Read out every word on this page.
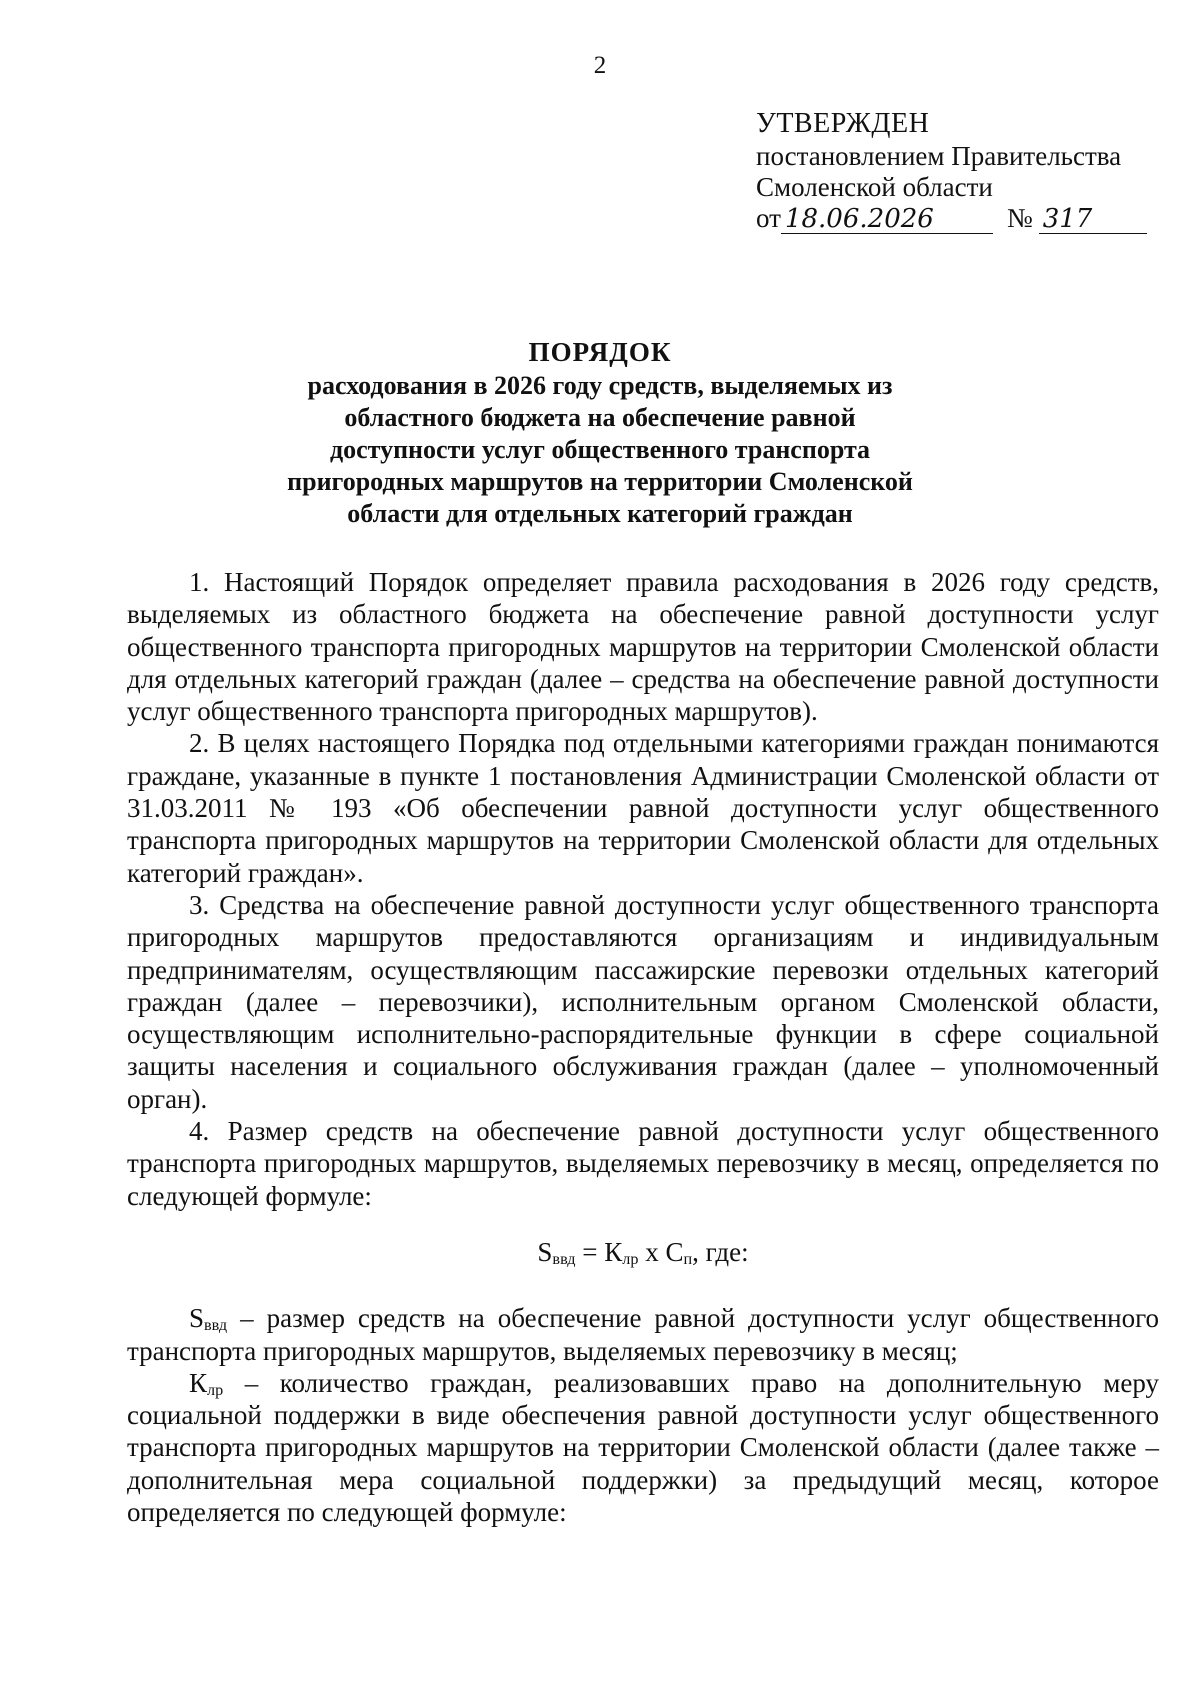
2
УТВЕРЖДЕН
постановлением Правительства
Смоленской области
от 18.06.2026	№ 317
ПОРЯДОК
расходования в 2026 году средств, выделяемых из
областного бюджета на обеспечение равной
доступности услуг общественного транспорта
пригородных маршрутов на территории Смоленской
области для отдельных категорий граждан

1. Настоящий Порядок определяет правила расходования в 2026 году средств, выделяемых из областного бюджета на обеспечение равной доступности услуг общественного транспорта пригородных маршрутов на территории Смоленской области для отдельных категорий граждан (далее – средства на обеспечение равной доступности услуг общественного транспорта пригородных маршрутов).

2. В целях настоящего Порядка под отдельными категориями граждан понимаются граждане, указанные в пункте 1 постановления Администрации Смоленской области от 31.03.2011 № 193 «Об обеспечении равной доступности услуг общественного транспорта пригородных маршрутов на территории Смоленской области для отдельных категорий граждан».

3. Средства на обеспечение равной доступности услуг общественного транспорта пригородных маршрутов предоставляются организациям и индивидуальным предпринимателям, осуществляющим пассажирские перевозки отдельных категорий граждан (далее – перевозчики), исполнительным органом Смоленской области, осуществляющим исполнительно-распорядительные функции в сфере социальной защиты населения и социального обслуживания граждан (далее – уполномоченный орган).

4. Размер средств на обеспечение равной доступности услуг общественного транспорта пригородных маршрутов, выделяемых перевозчику в месяц, определяется по следующей формуле:

$S_{ввд} = К_{лр}$ х $С_п$, где:

$S_{ввд}$ – размер средств на обеспечение равной доступности услуг общественного транспорта пригородных маршрутов, выделяемых перевозчику в месяц;

$К_{лр}$ – количество граждан, реализовавших право на дополнительную меру социальной поддержки в виде обеспечения равной доступности услуг общественного транспорта пригородных маршрутов на территории Смоленской области (далее также – дополнительная мера социальной поддержки) за предыдущий месяц, которое определяется по следующей формуле:
